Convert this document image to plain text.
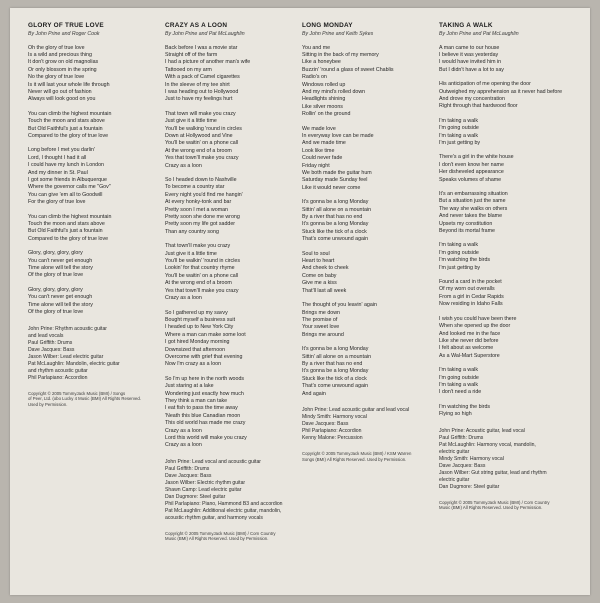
GLORY OF TRUE LOVE
By John Prine and Roger Cook
Oh the glory of true love
Is a wild and precious thing
It don't grow on old magnolias
Or only blossom in the spring
No the glory of true love
Is it will last your whole life through
Never will go out of fashion
Always will look good on you
You can climb the highest mountain
Touch the moon and stars above
But Old Faithful's just a fountain
Compared to the glory of true love
Long before I met you darlin'
Lord, I thought I had it all
I could have my lunch in London
And my dinner in St. Paul
I got some friends in Albuquerque
Where the governor calls me "Gov"
You can give 'em all to Goodwill
For the glory of true love
You can climb the highest mountain
Touch the moon and stars above
But Old Faithful's just a fountain
Compared to the glory of true love
Glory, glory, glory, glory
You can't never get enough
Time alone will tell the story
Of the glory of true love
Glory, glory, glory, glory
You can't never get enough
Time alone will tell the story
Of the glory of true love
John Prine: Rhythm acoustic guitar
and lead vocals
Paul Griffith: Drums
Dave Jacques: Bass
Jason Wilber: Lead electric guitar
Pat McLaughlin: Mandolin, electric guitar
and rhythm acoustic guitar
Phil Parlapiano: Accordion
Copyright © 2005 TommyJack Music (BMI) / Songs
of Peer, Ltd. (obo Lucky 4 Music (BMI) All Rights Reserved.
Used by Permission.
CRAZY AS A LOON
By John Prine and Pat McLaughlin
Back before I was a movie star
Straight off of the farm
I had a picture of another man's wife
Tattooed on my arm
With a pack of Camel cigarettes
In the sleeve of my tee shirt
I was heading out to Hollywood
Just to have my feelings hurt
That town will make you crazy
Just give it a little time
You'll be walking 'round in circles
Down at Hollywood and Vine
You'll be waitin' on a phone call
At the wrong end of a broom
Yes that town'll make you crazy
Crazy as a loon
So I headed down to Nashville
To become a country star
Every night you'd find me hangin'
At every honky-tonk and bar
Pretty soon I met a woman
Pretty soon she done me wrong
Pretty soon my life got sadder
Than any country song
That town'll make you crazy
Just give it a little time
You'll be walkin' 'round in circles
Lookin' for that country rhyme
You'll be waitin' on a phone call
At the wrong end of a broom
Yes that town'll make you crazy
Crazy as a loon
So I gathered up my savvy
Bought myself a business suit
I headed up to New York City
Where a man can make some loot
I got hired Monday morning
Downsized that afternoon
Overcome with grief that evening
Now I'm crazy as a loon
So I'm up here in the north woods
Just staring at a lake
Wondering just exactly how much
They think a man can take
I eat fish to pass the time away
'Neath this blue Canadian moon
This old world has made me crazy
Crazy as a loon
Lord this world will make you crazy
Crazy as a loon
John Prine: Lead vocal and acoustic guitar
Paul Griffith: Drums
Dave Jacques: Bass
Jason Wilber: Electric rhythm guitar
Shawn Camp: Lead electric guitar
Dan Dugmore: Steel guitar
Phil Parlapiano: Piano, Hammond B3 and accordion
Pat McLaughlin: Additional electric guitar, mandolin,
acoustic rhythm guitar, and harmony vocals
Copyright © 2005 TommyJack Music (BMI) / Corn Country
Music (BMI) All Rights Reserved. Used by Permission.
LONG MONDAY
By John Prine and Keith Sykes
You and me
Sitting in the back of my memory
Like a honeybee
Buzzin' 'round a glass of sweet Chablis
Radio's on
Windows rolled up
And my mind's rolled down
Headlights shining
Like silver moons
Rollin' on the ground
We made love
In everyway love can be made
And we made time
Look like time
Could never fade
Friday night
We both made the guitar hum
Saturday made Sunday feel
Like it would never come
It's gonna be a long Monday
Sittin' all alone on a mountain
By a river that has no end
It's gonna be a long Monday
Stuck like the tick of a clock
That's come unwound again
Soul to soul
Heart to heart
And cheek to cheek
Come on baby
Give me a kiss
That'll last all week
The thought of you leavin' again
Brings me down
The promise of
Your sweet love
Brings me around
It's gonna be a long Monday
Sittin' all alone on a mountain
By a river that has no end
It's gonna be a long Monday
Stuck like the tick of a clock
That's come unwound again
And again
John Prine: Lead acoustic guitar and lead vocal
Mindy Smith: Harmony vocal
Dave Jacques: Bass
Phil Parlapiano: Accordion
Kenny Malone: Percussion
Copyright © 2005 TommyJack Music (BMI) / KSM Warren
Songs (BMI) All Rights Reserved. Used by Permission.
TAKING A WALK
By John Prine and Pat McLaughlin
A man came to our house
I believe it was yesterday
I would have invited him in
But I didn't have a lot to say
His anticipation of me opening the door
Outweighed my apprehension as it never had before
And drove my concentration
Right through that hardwood floor
I'm taking a walk
I'm going outside
I'm taking a walk
I'm just getting by
There's a girl in the white house
I don't even know her name
Her disheveled appearance
Speaks volumes of shame
It's an embarrassing situation
But a situation just the same
The way she walks on others
And never takes the blame
Upsets my constitution
Beyond its mortal frame
I'm taking a walk
I'm going outside
I'm watching the birds
I'm just getting by
Found a card in the pocket
Of my worn out overalls
From a girl in Cedar Rapids
Now residing in Idaho Falls
I wish you could have been there
When she opened up the door
And looked me in the face
Like she never did before
I felt about as welcome
As a Wal-Mart Superstore
I'm taking a walk
I'm going outside
I'm taking a walk
I don't need a ride
I'm watching the birds
Flying so high
John Prine: Acoustic guitar, lead vocal
Paul Griffith: Drums
Pat McLaughlin: Harmony vocal, mandolin,
electric guitar
Mindy Smith: Harmony vocal
Dave Jacques: Bass
Jason Wilber: Gut string guitar, lead and rhythm
electric guitar
Dan Dugmore: Steel guitar
Copyright © 2005 TommyJack Music (BMI) / Corn Country
Music (BMI) All Rights Reserved. Used by Permission.
